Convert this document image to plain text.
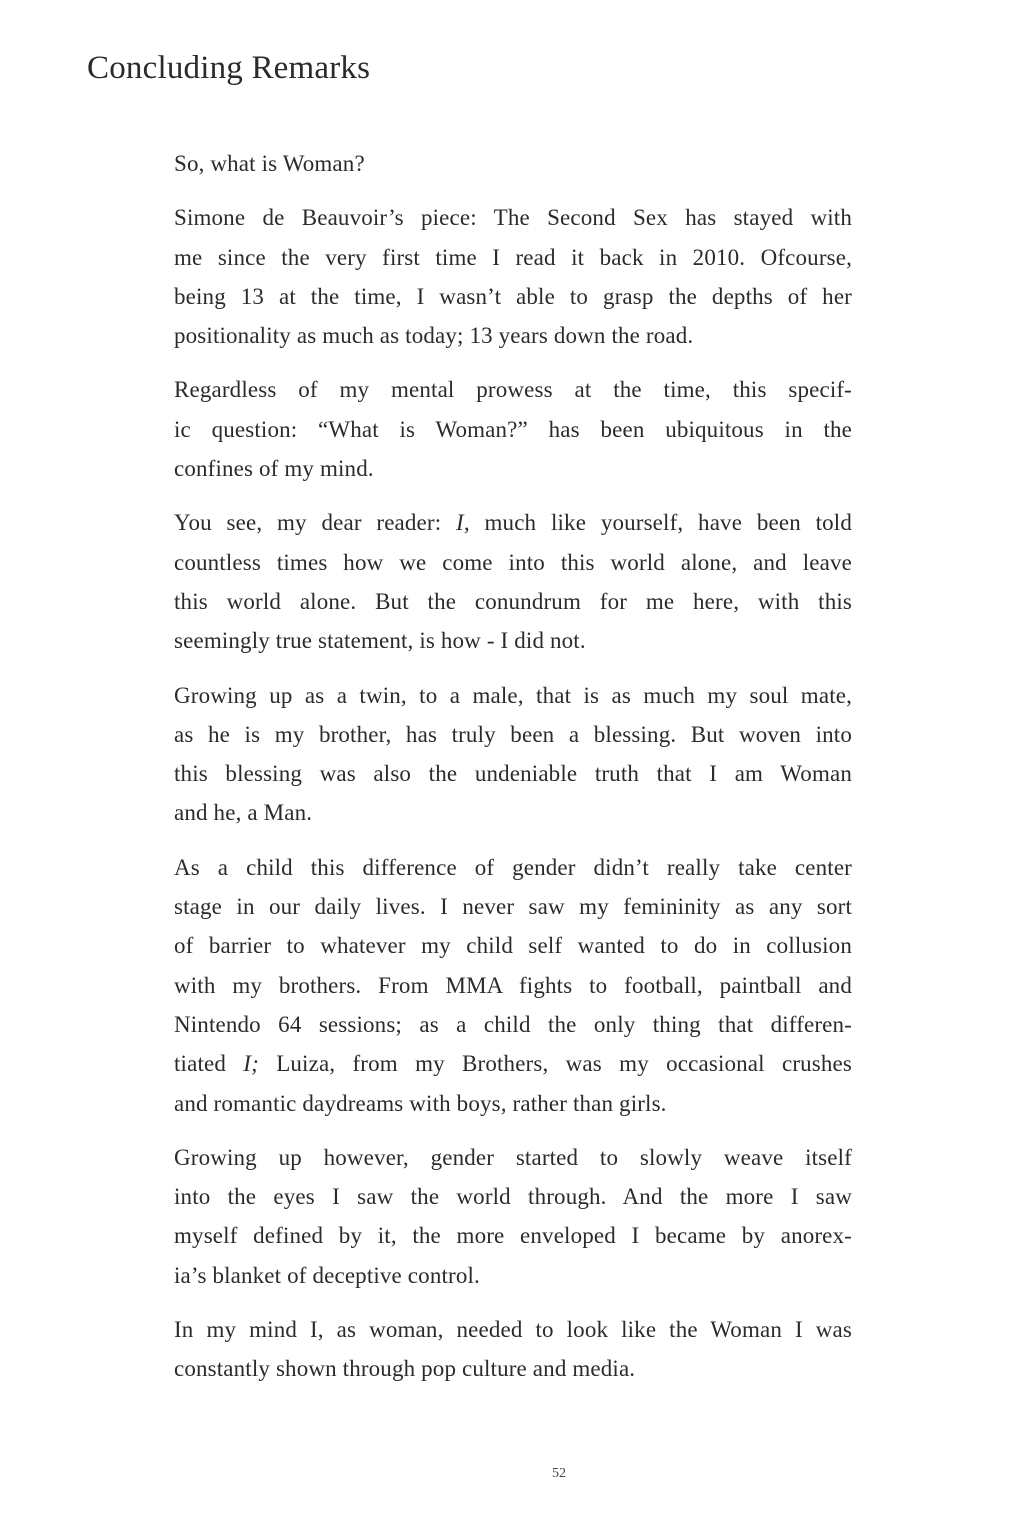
Concluding Remarks

So, what is Woman?

Simone de Beauvoir’s piece: The Second Sex has stayed with
me since the very first time I read it back in 2010. Ofcourse,
being 13 at the time, I wasn’t able to grasp the depths of her
positionality as much as today; 13 years down the road.

Regardless of my mental prowess at the time, this specif-
ic question: “What is Woman?” has been ubiquitous in the
confines of my mind.

You see, my dear reader: I, much like yourself, have been told
countless times how we come into this world alone, and leave
this world alone. But the conundrum for me here, with this
seemingly true statement, is how - I did not.

Growing up as a twin, to a male, that is as much my soul mate,
as he is my brother, has truly been a blessing. But woven into
this blessing was also the undeniable truth that I am Woman
and he, a Man.

As a child this difference of gender didn’t really take center
stage in our daily lives. I never saw my femininity as any sort
of barrier to whatever my child self wanted to do in collusion
with my brothers. From MMA fights to football, paintball and
Nintendo 64 sessions; as a child the only thing that differen-
tiated I; Luiza, from my Brothers, was my occasional crushes
and romantic daydreams with boys, rather than girls.

Growing up however, gender started to slowly weave itself
into the eyes I saw the world through. And the more I saw
myself defined by it, the more enveloped I became by anorex-
ia’s blanket of deceptive control.

In my mind I, as woman, needed to look like the Woman I was
constantly shown through pop culture and media.

52
